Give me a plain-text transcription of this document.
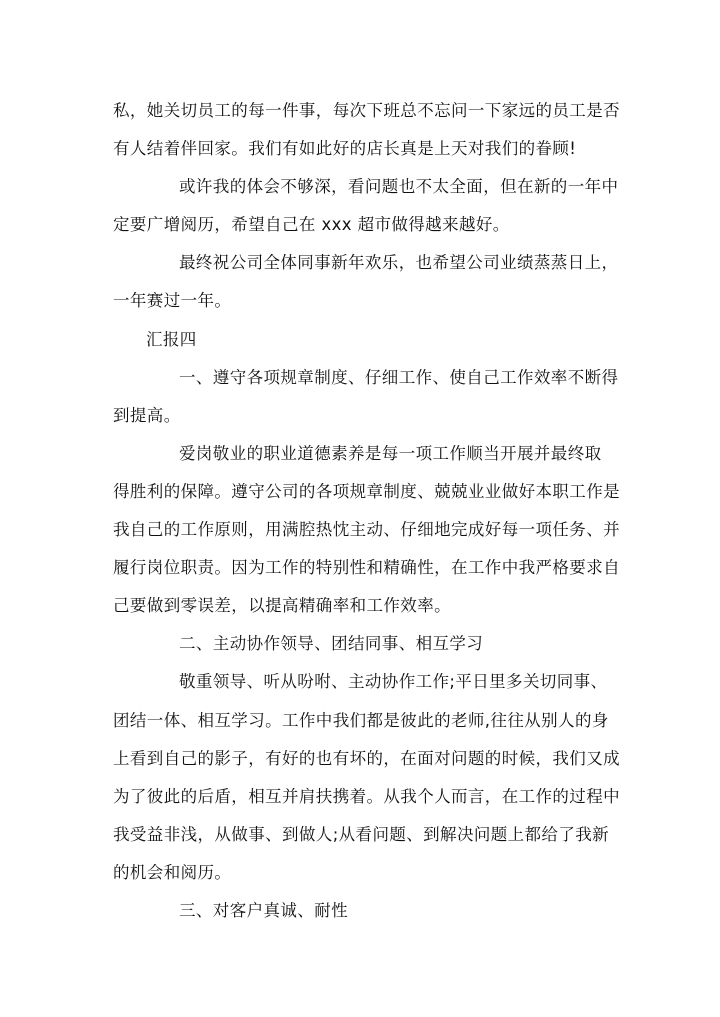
私，她关切员工的每一件事，每次下班总不忘问一下家远的员工是否
有人结着伴回家。我们有如此好的店长真是上天对我们的眷顾!
或许我的体会不够深，看问题也不太全面，但在新的一年中
定要广增阅历，希望自己在 xxx 超市做得越来越好。
最终祝公司全体同事新年欢乐，也希望公司业绩蒸蒸日上，
一年赛过一年。
汇报四
一、遵守各项规章制度、仔细工作、使自己工作效率不断得
到提高。
爱岗敬业的职业道德素养是每一项工作顺当开展并最终取
得胜利的保障。遵守公司的各项规章制度、兢兢业业做好本职工作是
我自己的工作原则，用满腔热忱主动、仔细地完成好每一项任务、并
履行岗位职责。因为工作的特别性和精确性，在工作中我严格要求自
己要做到零误差，以提高精确率和工作效率。
二、主动协作领导、团结同事、相互学习
敬重领导、听从吩咐、主动协作工作;平日里多关切同事、
团结一体、相互学习。工作中我们都是彼此的老师,往往从别人的身
上看到自己的影子，有好的也有坏的，在面对问题的时候，我们又成
为了彼此的后盾，相互并肩扶携着。从我个人而言，在工作的过程中
我受益非浅，从做事、到做人;从看问题、到解决问题上都给了我新
的机会和阅历。
三、对客户真诚、耐性
